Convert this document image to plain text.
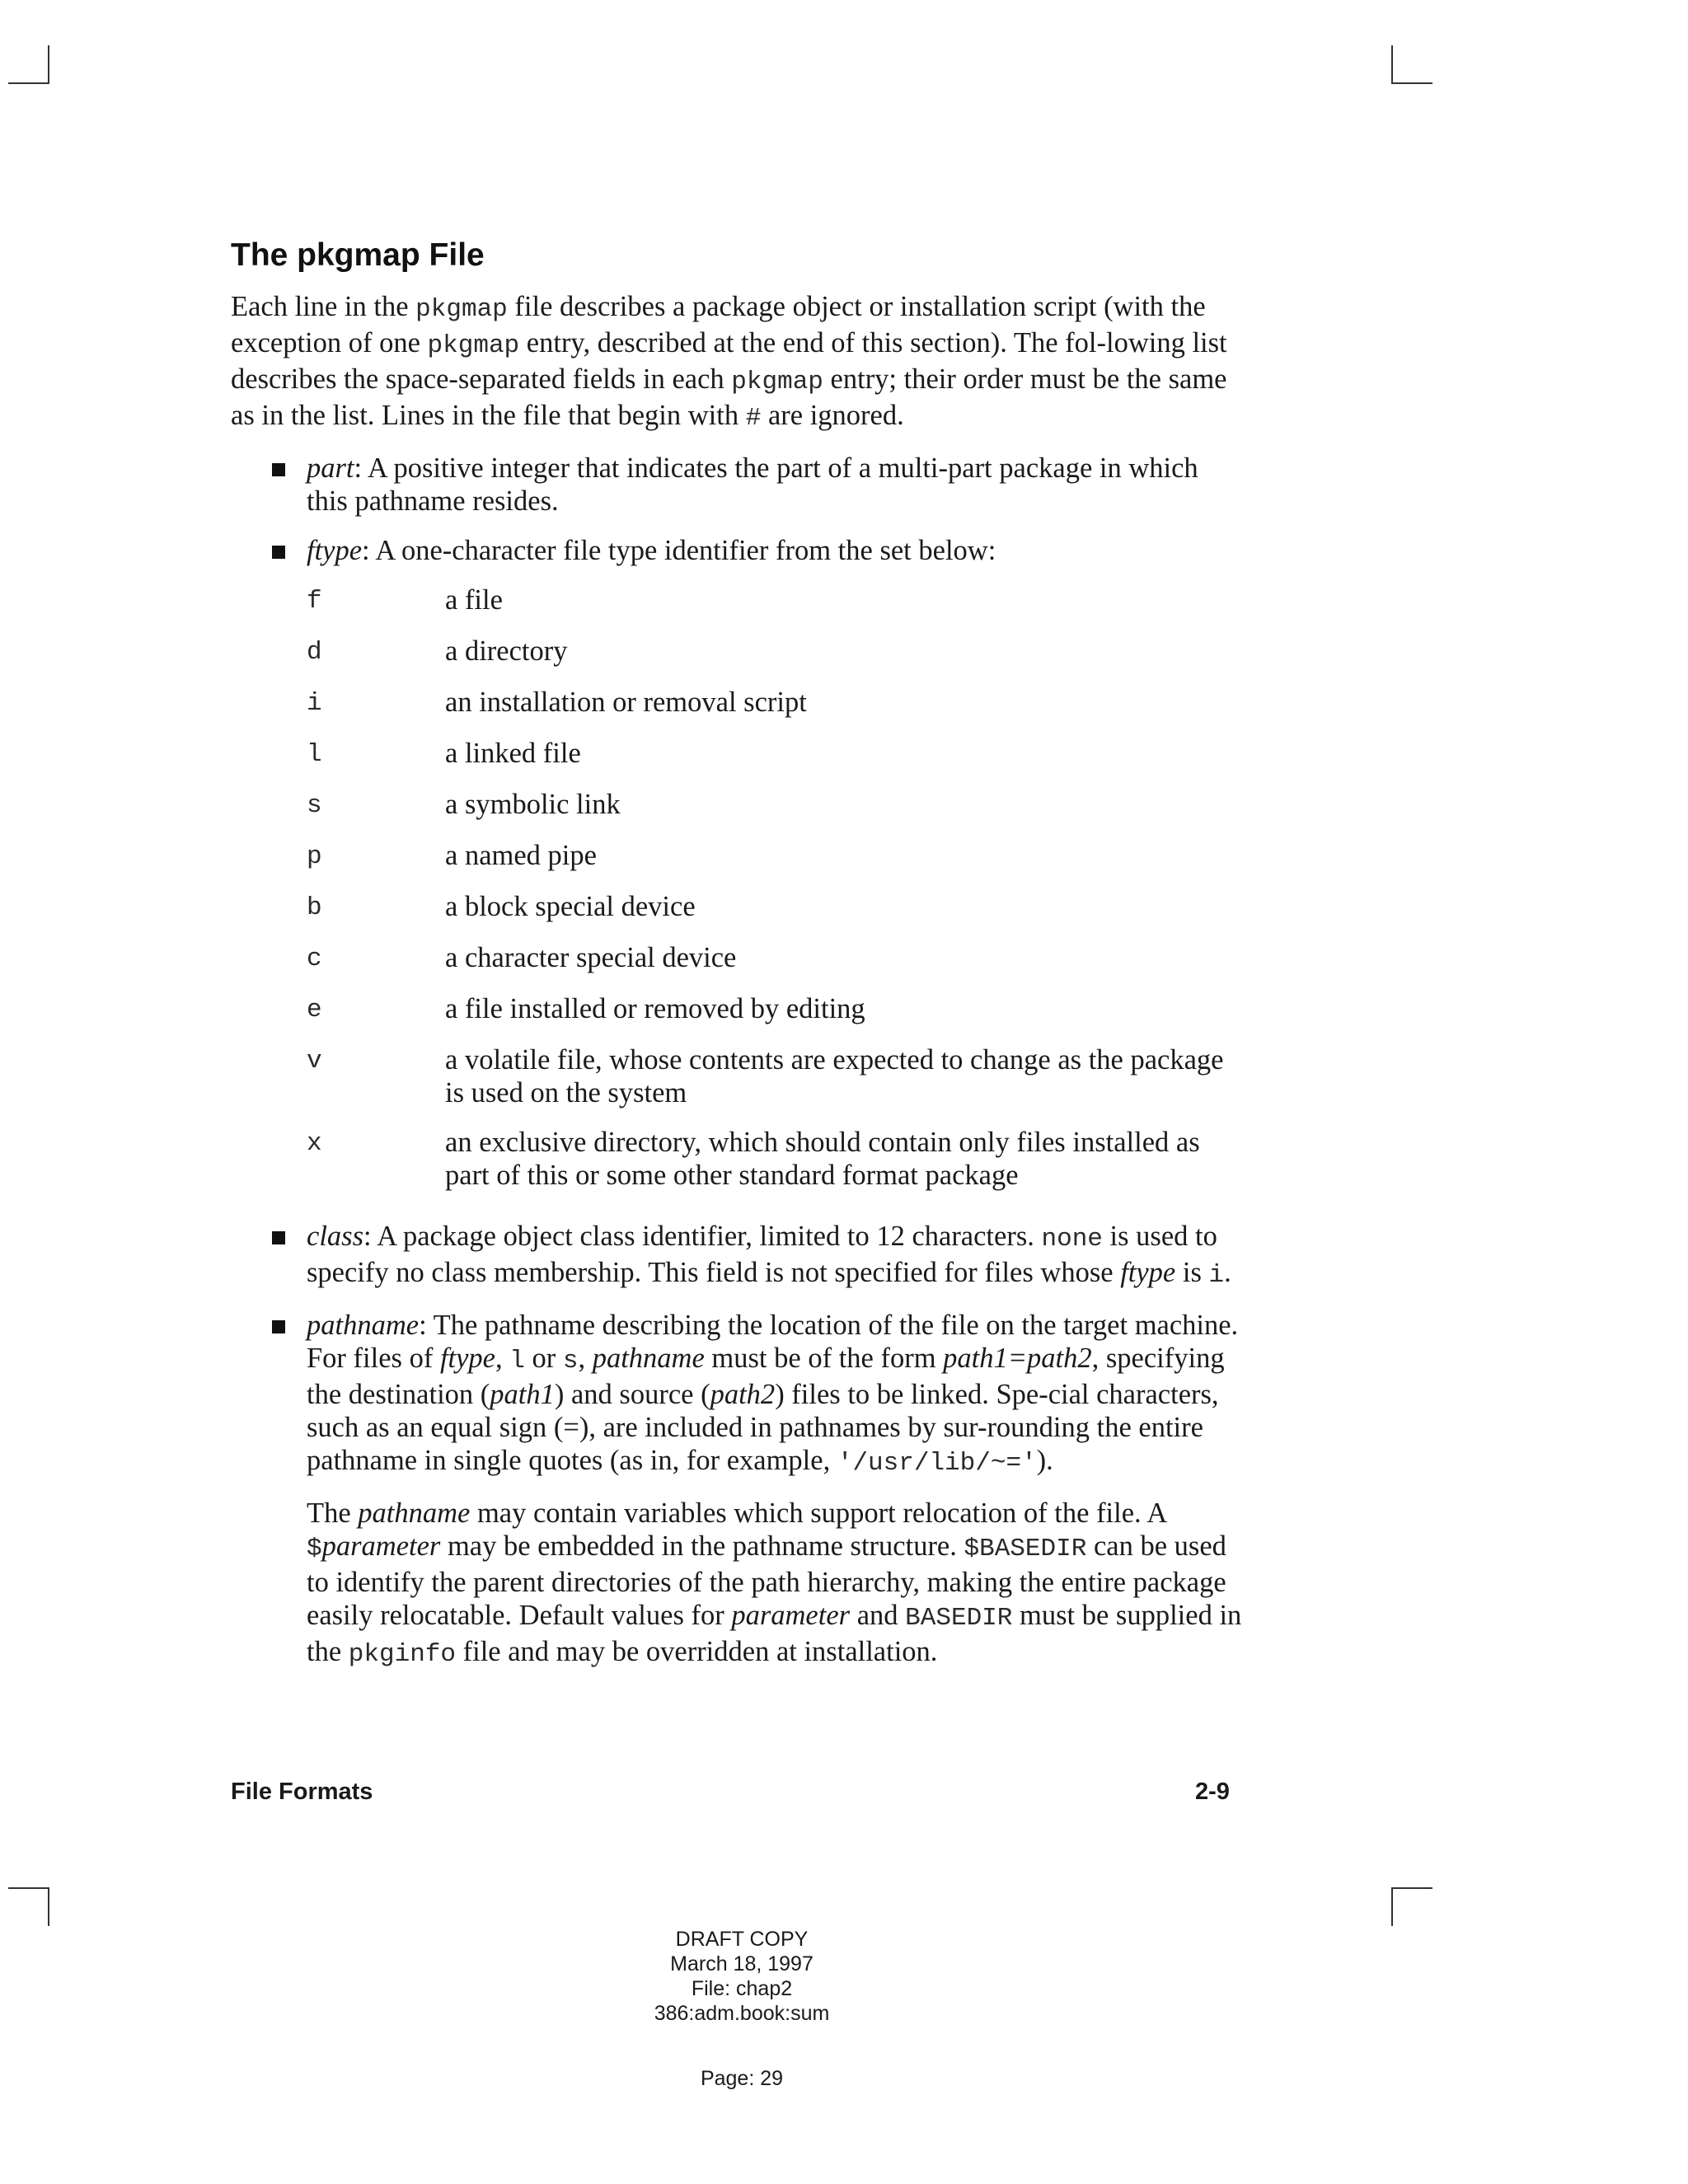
The pkgmap File

Each line in the pkgmap file describes a package object or installation script (with the exception of one pkgmap entry, described at the end of this section). The fol-lowing list describes the space-separated fields in each pkgmap entry; their order must be the same as in the list. Lines in the file that begin with # are ignored.

part: A positive integer that indicates the part of a multi-part package in which this pathname resides.
ftype: A one-character file type identifier from the set below:
f	a file
d	a directory
i	an installation or removal script
l	a linked file
s	a symbolic link
p	a named pipe
b	a block special device
c	a character special device
e	a file installed or removed by editing
v	a volatile file, whose contents are expected to change as the package is used on the system
x	an exclusive directory, which should contain only files installed as part of this or some other standard format package
class: A package object class identifier, limited to 12 characters. none is used to specify no class membership. This field is not specified for files whose ftype is i.
pathname: The pathname describing the location of the file on the target machine. For files of ftype, l or s, pathname must be of the form path1=path2, specifying the destination (path1) and source (path2) files to be linked. Spe-cial characters, such as an equal sign (=), are included in pathnames by sur-rounding the entire pathname in single quotes (as in, for example, '/usr/lib/~=').

The pathname may contain variables which support relocation of the file. A $parameter may be embedded in the pathname structure. $BASEDIR can be used to identify the parent directories of the path hierarchy, making the entire package easily relocatable. Default values for parameter and BASEDIR must be supplied in the pkginfo file and may be overridden at installation.

File Formats	2-9
DRAFT COPY
March 18, 1997
File: chap2
386:adm.book:sum
Page: 29
